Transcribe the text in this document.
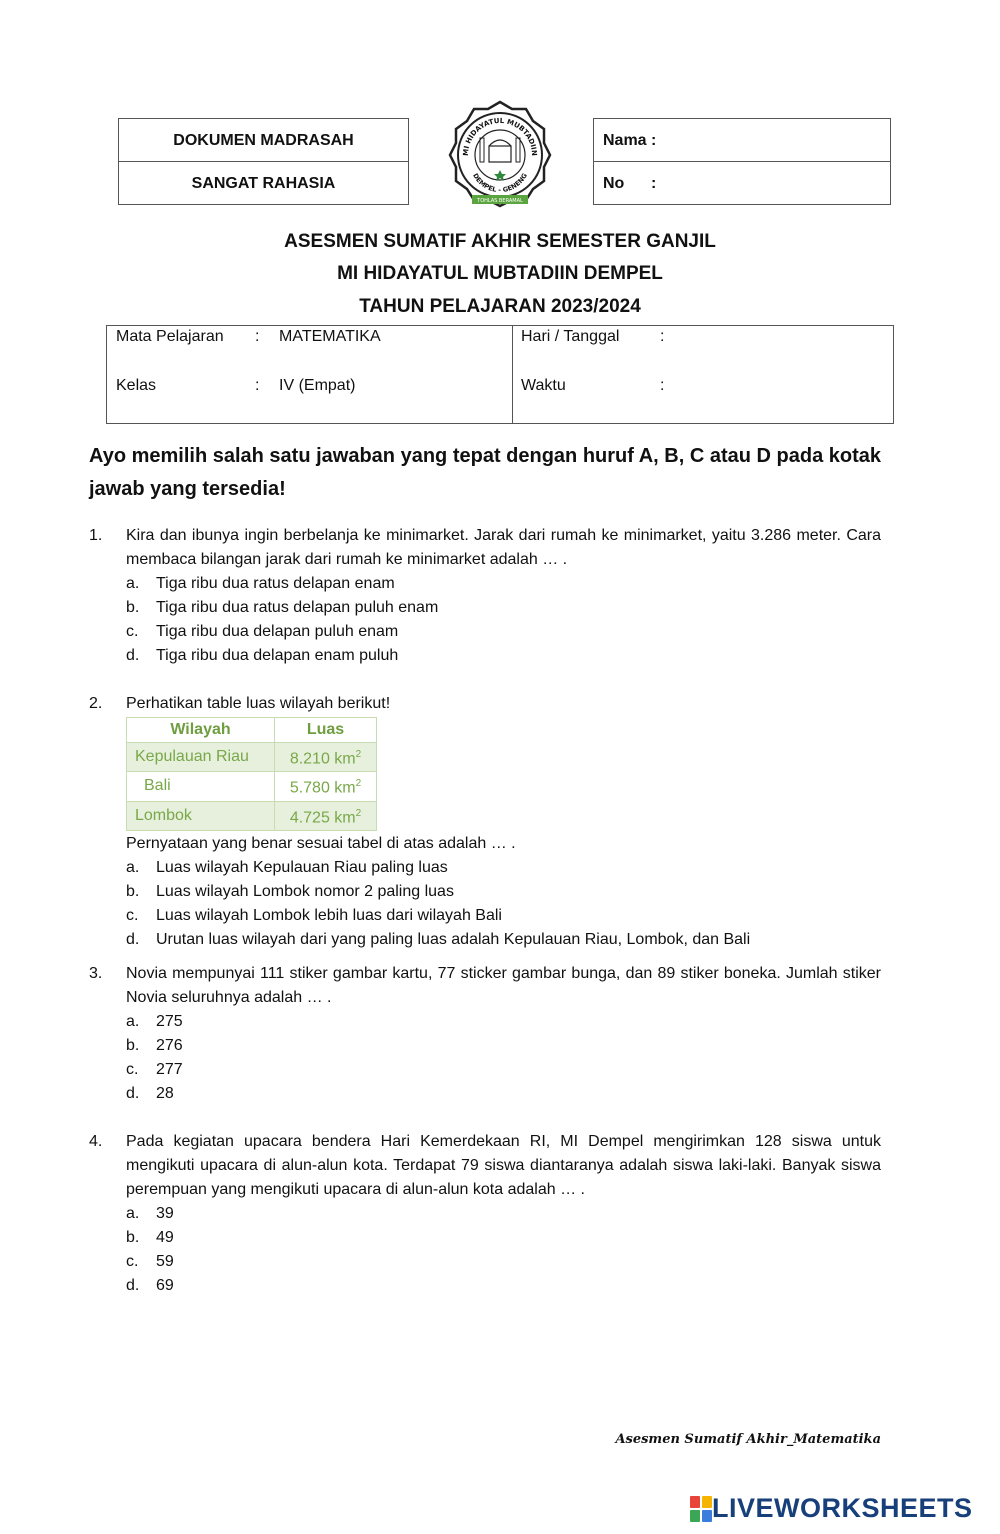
DOKUMEN MADRASAH
SANGAT RAHASIA
MI HIDAYATUL MUBTADIIN
DEMPEL - GENENG
TOHLAS BERAMAL
Nama :
No      :
ASESMEN SUMATIF AKHIR SEMESTER GANJIL
MI HIDAYATUL MUBTADIIN DEMPEL
TAHUN PELAJARAN 2023/2024
Mata Pelajaran : MATEMATIKA
Kelas	: IV (Empat)
Hari / Tanggal	:
Waktu	:
Ayo memilih salah satu jawaban yang tepat dengan huruf A, B, C atau D pada kotak jawab yang tersedia!
1. Kira dan ibunya ingin berbelanja ke minimarket. Jarak dari rumah ke minimarket, yaitu 3.286 meter. Cara membaca bilangan jarak dari rumah ke minimarket adalah … .
a. Tiga ribu dua ratus delapan enam
b. Tiga ribu dua ratus delapan puluh enam
c. Tiga ribu dua delapan puluh enam
d. Tiga ribu dua delapan enam puluh
2. Perhatikan table luas wilayah berikut!
Wilayah	Luas
Kepulauan Riau	8.210 $km^2$
Bali	5.780 $km^2$
Lombok	4.725 $km^2$
Pernyataan yang benar sesuai tabel di atas adalah … .
a. Luas wilayah Kepulauan Riau paling luas
b. Luas wilayah Lombok nomor 2 paling luas
c. Luas wilayah Lombok lebih luas dari wilayah Bali
d. Urutan luas wilayah dari yang paling luas adalah Kepulauan Riau, Lombok, dan Bali
3. Novia mempunyai 111 stiker gambar kartu, 77 sticker gambar bunga, dan 89 stiker boneka. Jumlah stiker Novia seluruhnya adalah … .
a. 275
b. 276
c. 277
d. 28
4. Pada kegiatan upacara bendera Hari Kemerdekaan RI, MI Dempel mengirimkan 128 siswa untuk mengikuti upacara di alun-alun kota. Terdapat 79 siswa diantaranya adalah siswa laki-laki. Banyak siswa perempuan yang mengikuti upacara di alun-alun kota adalah … .
a. 39
b. 49
c. 59
d. 69
Asesmen Sumatif Akhir_Matematika
LIVEWORKSHEETS
